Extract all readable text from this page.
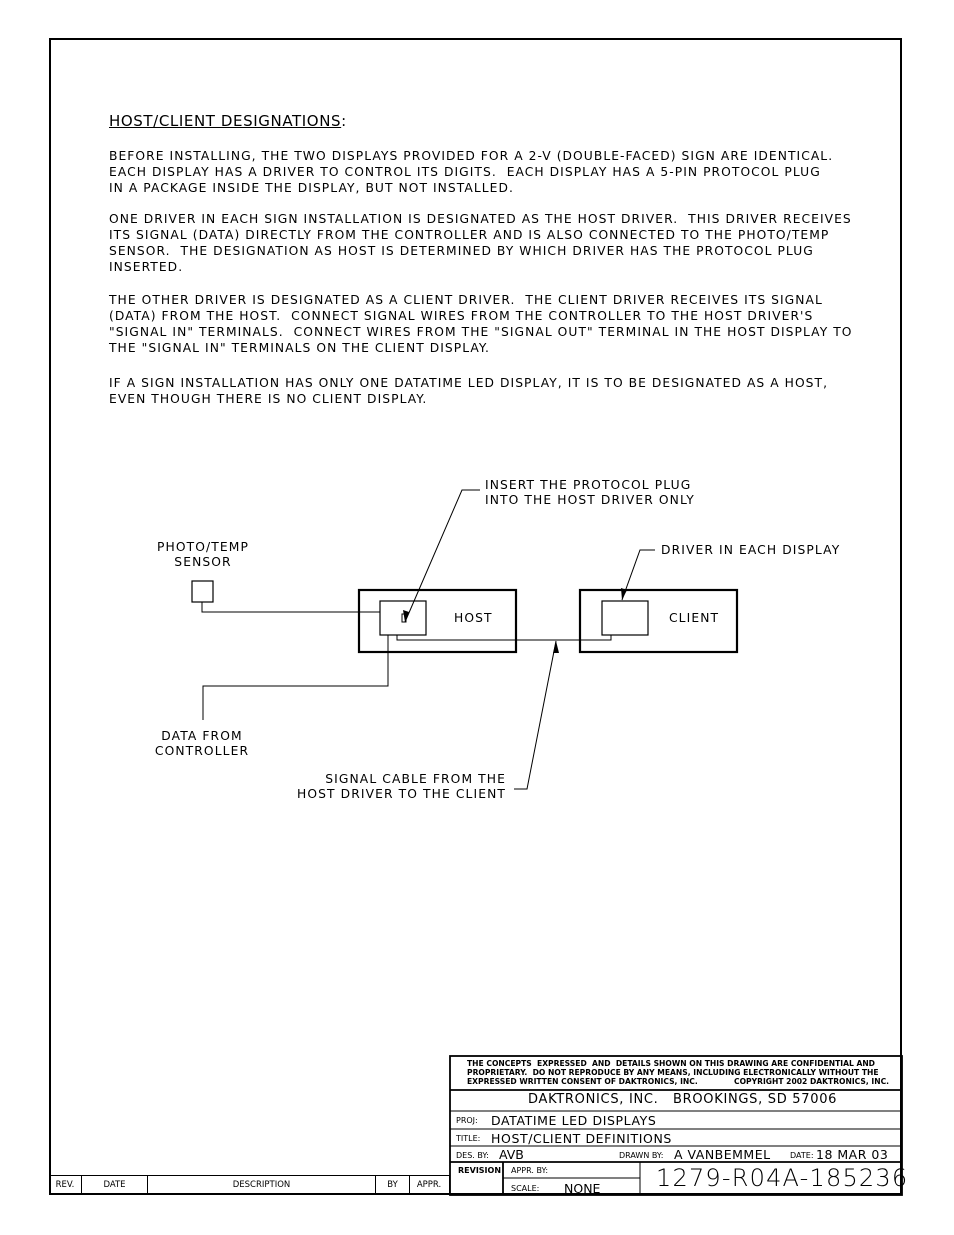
HOST/CLIENT DESIGNATIONS:
BEFORE INSTALLING, THE TWO DISPLAYS PROVIDED FOR A 2-V (DOUBLE-FACED) SIGN ARE IDENTICAL.
EACH DISPLAY HAS A DRIVER TO CONTROL ITS DIGITS.  EACH DISPLAY HAS A 5-PIN PROTOCOL PLUG
IN A PACKAGE INSIDE THE DISPLAY, BUT NOT INSTALLED.
ONE DRIVER IN EACH SIGN INSTALLATION IS DESIGNATED AS THE HOST DRIVER.  THIS DRIVER RECEIVES
ITS SIGNAL (DATA) DIRECTLY FROM THE CONTROLLER AND IS ALSO CONNECTED TO THE PHOTO/TEMP
SENSOR.  THE DESIGNATION AS HOST IS DETERMINED BY WHICH DRIVER HAS THE PROTOCOL PLUG
INSERTED.
THE OTHER DRIVER IS DESIGNATED AS A CLIENT DRIVER.  THE CLIENT DRIVER RECEIVES ITS SIGNAL
(DATA) FROM THE HOST.  CONNECT SIGNAL WIRES FROM THE CONTROLLER TO THE HOST DRIVER'S
"SIGNAL IN" TERMINALS.  CONNECT WIRES FROM THE "SIGNAL OUT" TERMINAL IN THE HOST DISPLAY TO
THE "SIGNAL IN" TERMINALS ON THE CLIENT DISPLAY.
IF A SIGN INSTALLATION HAS ONLY ONE DATATIME LED DISPLAY, IT IS TO BE DESIGNATED AS A HOST,
EVEN THOUGH THERE IS NO CLIENT DISPLAY.
INSERT THE PROTOCOL PLUG
INTO THE HOST DRIVER ONLY
PHOTO/TEMP
SENSOR
DRIVER IN EACH DISPLAY
HOST	CLIENT
DATA FROM
CONTROLLER
SIGNAL CABLE FROM THE
HOST DRIVER TO THE CLIENT
THE CONCEPTS  EXPRESSED  AND  DETAILS SHOWN ON THIS DRAWING ARE CONFIDENTIAL AND
PROPRIETARY.  DO NOT REPRODUCE BY ANY MEANS, INCLUDING ELECTRONICALLY WITHOUT THE
EXPRESSED WRITTEN CONSENT OF DAKTRONICS, INC.	COPYRIGHT 2002 DAKTRONICS, INC.
DAKTRONICS, INC.   BROOKINGS, SD 57006
PROJ: DATATIME LED DISPLAYS
TITLE: HOST/CLIENT DEFINITIONS
DES. BY: AVB	DRAWN BY: A VANBEMMEL DATE: 18 MAR 03
REVISION APPR. BY:
SCALE: NONE 1279-R04A-185236
REV.	DATE	DESCRIPTION	BY	APPR.
